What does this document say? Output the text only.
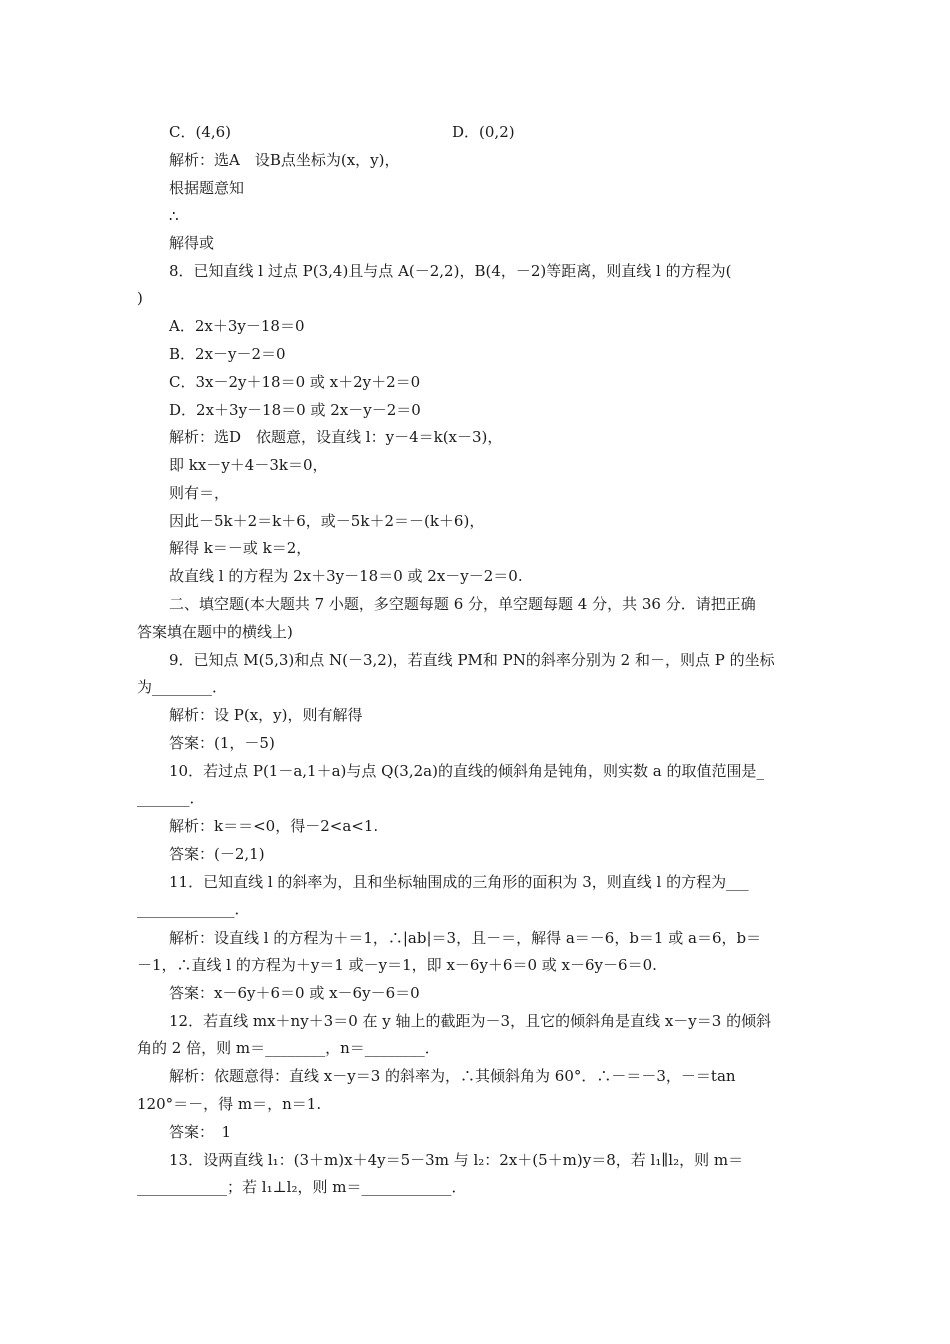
C．(4,6)	D．(0,2)
解析：选A　设B点坐标为(x，y)，
根据题意知
∴
解得或
8．已知直线 l 过点 P(3,4)且与点 A(－2,2)，B(4，－2)等距离，则直线 l 的方程为(
)
A．2x＋3y－18＝0
B．2x－y－2＝0
C．3x－2y＋18＝0 或 x＋2y＋2＝0
D．2x＋3y－18＝0 或 2x－y－2＝0
解析：选D　依题意，设直线 l：y－4＝k(x－3)，
即 kx－y＋4－3k＝0，
则有＝，
因此－5k＋2＝k＋6，或－5k＋2＝－(k＋6)，
解得 k＝－或 k＝2，
故直线 l 的方程为 2x＋3y－18＝0 或 2x－y－2＝0.
二、填空题(本大题共 7 小题，多空题每题 6 分，单空题每题 4 分，共 36 分．请把正确
答案填在题中的横线上)
9．已知点 M(5,3)和点 N(－3,2)，若直线 PM和 PN的斜率分别为 2 和－，则点 P 的坐标
为________．
解析：设 P(x，y)，则有解得
答案：(1，－5)
10．若过点 P(1－a,1＋a)与点 Q(3,2a)的直线的倾斜角是钝角，则实数 a 的取值范围是_
_______．
解析：k＝＝<0，得－2<a<1.
答案：(－2,1)
11．已知直线 l 的斜率为，且和坐标轴围成的三角形的面积为 3，则直线 l 的方程为___
_____________．
解析：设直线 l 的方程为＋＝1，∴|ab|＝3，且－＝，解得 a＝－6，b＝1 或 a＝6，b＝
－1，∴直线 l 的方程为＋y＝1 或－y＝1，即 x－6y＋6＝0 或 x－6y－6＝0.
答案：x－6y＋6＝0 或 x－6y－6＝0
12．若直线 mx＋ny＋3＝0 在 y 轴上的截距为－3，且它的倾斜角是直线 x－y＝3 的倾斜
角的 2 倍，则 m＝________，n＝________．
解析：依题意得：直线 x－y＝3 的斜率为，∴其倾斜角为 60°．∴－＝－3，－＝tan
120°＝－，得 m＝，n＝1.
答案：　1
13．设两直线 l₁：(3＋m)x＋4y＝5－3m 与 l₂：2x＋(5＋m)y＝8，若 l₁∥l₂，则 m＝
____________；若 l₁⊥l₂，则 m＝____________．
